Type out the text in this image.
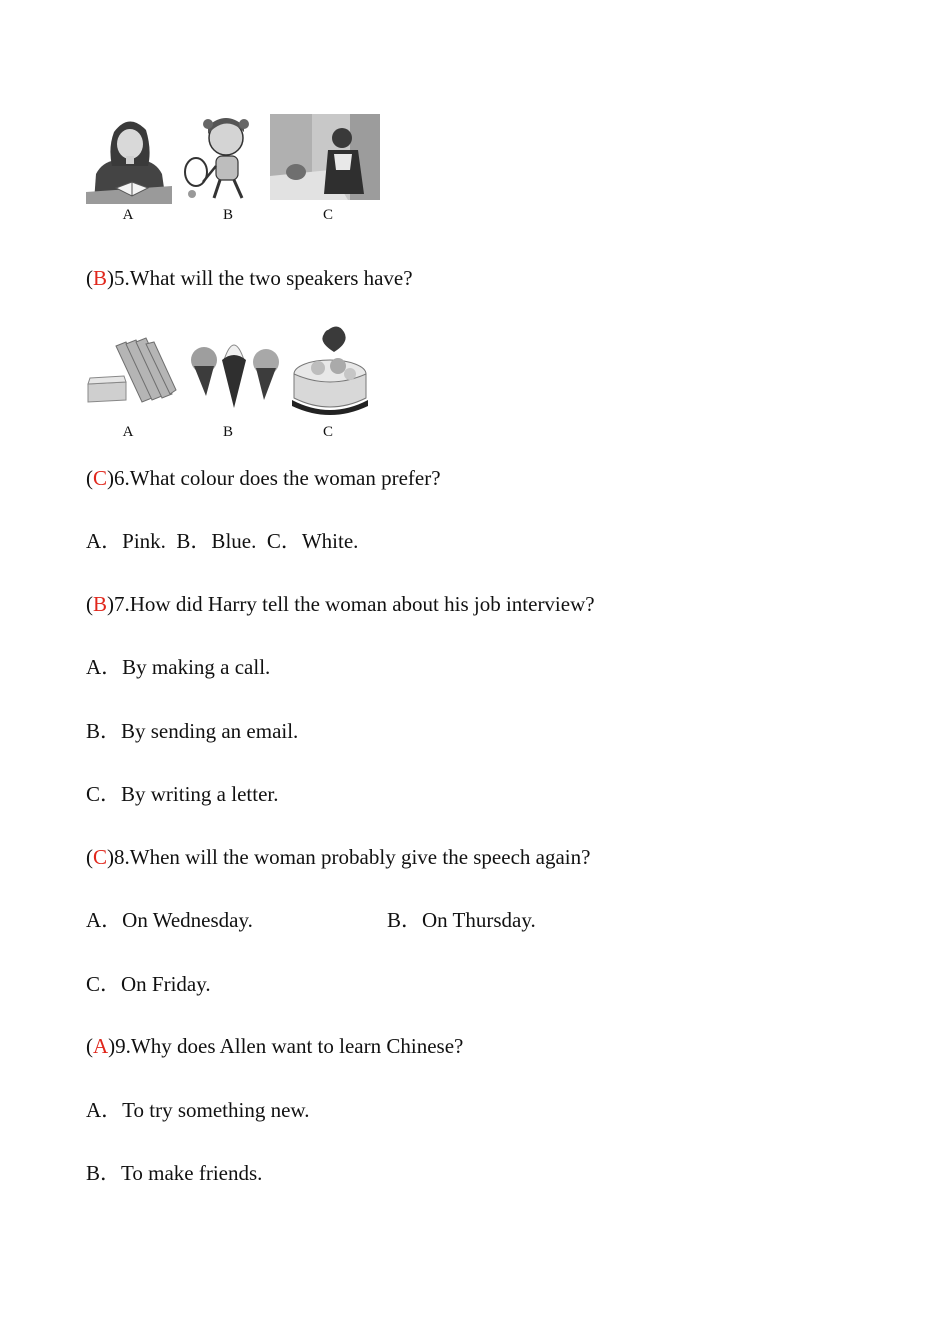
A	B	C
(B)5.What will the two speakers have?
A	B	C
(C)6.What colour does the woman prefer?
A．Pink.  B．Blue.  C．White.
(B)7.How did Harry tell the woman about his job interview?
A．By making a call.
B．By sending an email.
C．By writing a letter.
(C)8.When will the woman probably give the speech again?
A．On Wednesday.	B．On Thursday.
C．On Friday.
(A)9.Why does Allen want to learn Chinese?
A．To try something new.
B．To make friends.
